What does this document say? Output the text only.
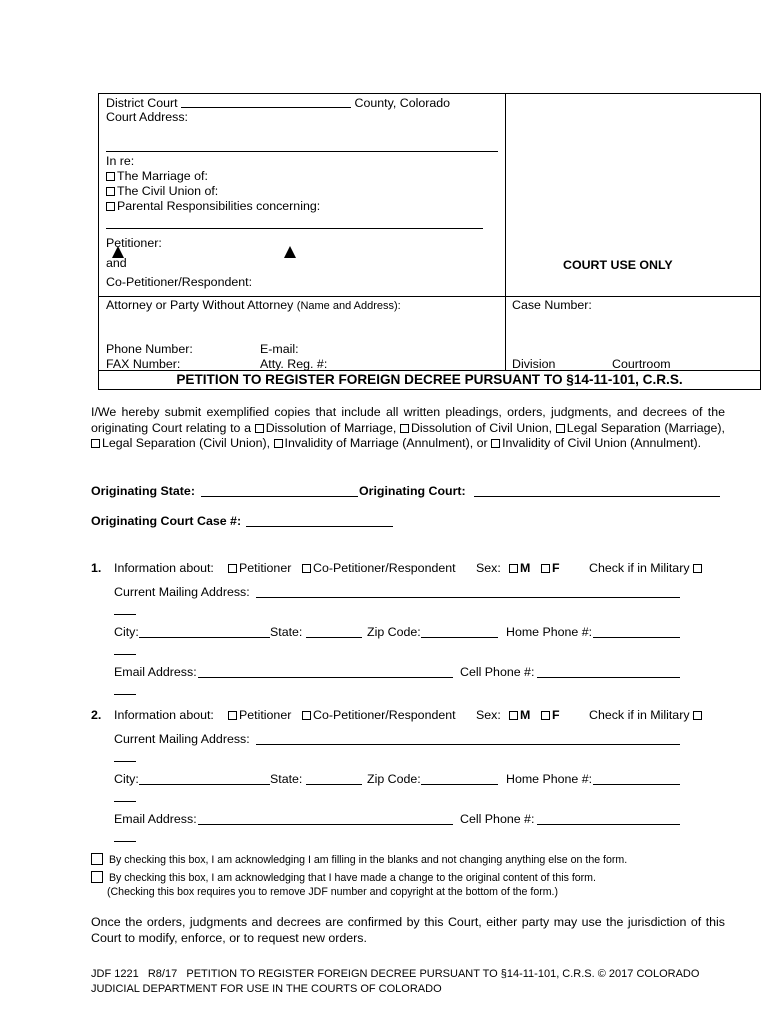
District Court	County, Colorado
Court Address:
In re:
The Marriage of:
The Civil Union of:
Parental Responsibilities concerning:
Petitioner:
and
Co-Petitioner/Respondent:
COURT USE ONLY
Attorney or Party Without Attorney (Name and Address):	Case Number:
Phone Number:	E-mail:
FAX Number:	Atty. Reg. #:	Division	Courtroom
PETITION TO REGISTER FOREIGN DECREE PURSUANT TO §14-11-101, C.R.S.
I/We hereby submit exemplified copies that include all written pleadings, orders, judgments, and decrees of the originating Court relating to a Dissolution of Marriage, Dissolution of Civil Union, Legal Separation (Marriage), Legal Separation (Civil Union), Invalidity of Marriage (Annulment), or Invalidity of Civil Union (Annulment).
Originating State:	Originating Court:
Originating Court Case #:
1. Information about:	Petitioner	Co-Petitioner/Respondent Sex:	M	F Check if in Military
Current Mailing Address:
City:	State:	Zip Code:	Home Phone #:
Email Address:	Cell Phone #:
2. Information about:	Petitioner	Co-Petitioner/Respondent Sex:	M	F Check if in Military
Current Mailing Address:
City:	State:	Zip Code:	Home Phone #:
Email Address:	Cell Phone #:
By checking this box, I am acknowledging I am filling in the blanks and not changing anything else on the form.
By checking this box, I am acknowledging that I have made a change to the original content of this form.
(Checking this box requires you to remove JDF number and copyright at the bottom of the form.)
Once the orders, judgments and decrees are confirmed by this Court, either party may use the jurisdiction of this Court to modify, enforce, or to request new orders.
JDF 1221   R8/17   PETITION TO REGISTER FOREIGN DECREE PURSUANT TO §14-11-101, C.R.S. © 2017 COLORADO
JUDICIAL DEPARTMENT FOR USE IN THE COURTS OF COLORADO
